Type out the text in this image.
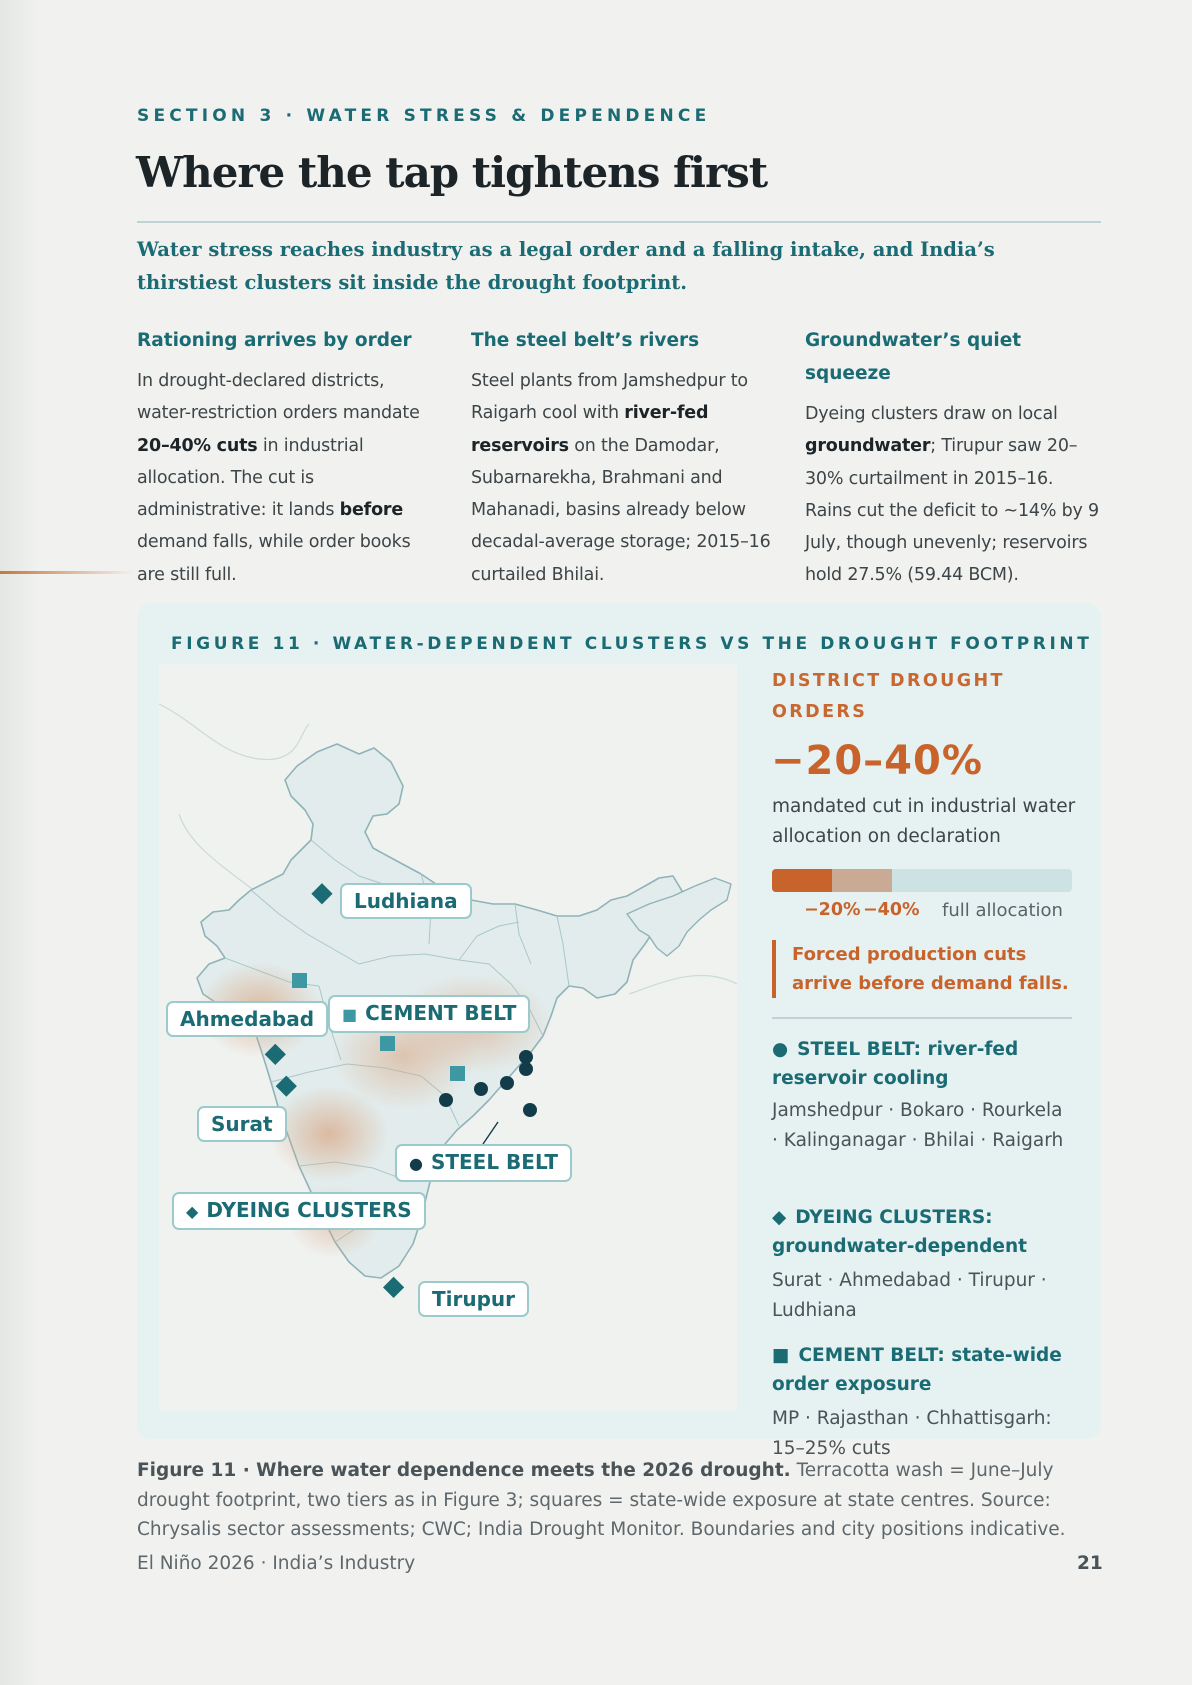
SECTION 3 · WATER STRESS & DEPENDENCE
Where the tap tightens first

Water stress reaches industry as a legal order and a falling intake, and India’s thirstiest clusters sit inside the drought footprint.

Rationing arrives by order

In drought-declared districts, water-restriction orders mandate 20–40% cuts in industrial allocation. The cut is administrative: it lands before demand falls, while order books are still full.

The steel belt’s rivers

Steel plants from Jamshedpur to Raigarh cool with river-fed reservoirs on the Damodar, Subarnarekha, Brahmani and Mahanadi, basins already below decadal-average storage; 2015–16 curtailed Bhilai.

Groundwater’s quiet squeeze

Dyeing clusters draw on local groundwater; Tirupur saw 20–30% curtailment in 2015–16. Rains cut the deficit to ~14% by 9 July, though unevenly; reservoirs hold 27.5% (59.44 BCM).

FIGURE 11 · WATER-DEPENDENT CLUSTERS VS THE DROUGHT FOOTPRINT
Ludhiana
Ahmedabad	■ CEMENT BELT
Surat
● STEEL BELT
◆ DYEING CLUSTERS
Tirupur
DISTRICT DROUGHT ORDERS
−20–40%
mandated cut in industrial water allocation on declaration
−20% −40% full allocation
Forced production cuts arrive before demand falls.
● STEEL BELT: river-fed reservoir cooling
Jamshedpur · Bokaro · Rourkela · Kalinganagar · Bhilai · Raigarh
◆ DYEING CLUSTERS: groundwater-dependent
Surat · Ahmedabad · Tirupur · Ludhiana
■ CEMENT BELT: state-wide order exposure
MP · Rajasthan · Chhattisgarh: 15–25% cuts

Figure 11 · Where water dependence meets the 2026 drought. Terracotta wash = June–July drought footprint, two tiers as in Figure 3; squares = state-wide exposure at state centres. Source: Chrysalis sector assessments; CWC; India Drought Monitor. Boundaries and city positions indicative.

El Niño 2026 · India’s Industry	21
